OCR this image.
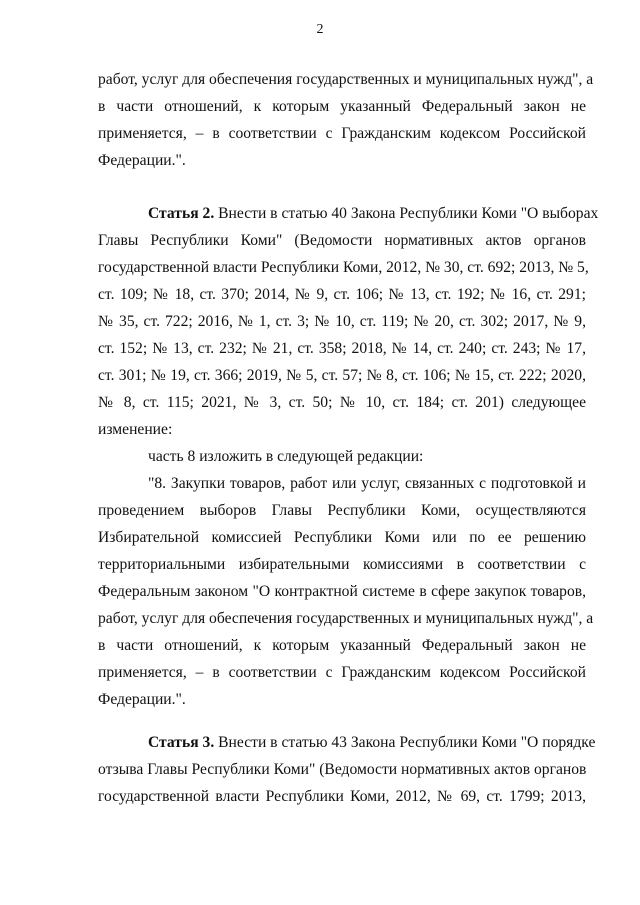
2
работ, услуг для обеспечения государственных и муниципальных нужд", а
в части отношений, к которым указанный Федеральный закон не
применяется, – в соответствии с Гражданским кодексом Российской
Федерации.".
Статья 2. Внести в статью 40 Закона Республики Коми "О выборах
Главы Республики Коми" (Ведомости нормативных актов органов
государственной власти Республики Коми, 2012, № 30, ст. 692; 2013, № 5,
ст. 109; № 18, ст. 370; 2014, № 9, ст. 106; № 13, ст. 192; № 16, ст. 291;
№ 35, ст. 722; 2016, № 1, ст. 3; № 10, ст. 119; № 20, ст. 302; 2017, № 9,
ст. 152; № 13, ст. 232; № 21, ст. 358; 2018, № 14, ст. 240; ст. 243; № 17,
ст. 301; № 19, ст. 366; 2019, № 5, ст. 57; № 8, ст. 106; № 15, ст. 222; 2020,
№ 8, ст. 115; 2021, № 3, ст. 50; № 10, ст. 184; ст. 201) следующее
изменение:
часть 8 изложить в следующей редакции:
"8. Закупки товаров, работ или услуг, связанных с подготовкой и
проведением выборов Главы Республики Коми, осуществляются
Избирательной комиссией Республики Коми или по ее решению
территориальными избирательными комиссиями в соответствии с
Федеральным законом "О контрактной системе в сфере закупок товаров,
работ, услуг для обеспечения государственных и муниципальных нужд", а
в части отношений, к которым указанный Федеральный закон не
применяется, – в соответствии с Гражданским кодексом Российской
Федерации.".
Статья 3. Внести в статью 43 Закона Республики Коми "О порядке
отзыва Главы Республики Коми" (Ведомости нормативных актов органов
государственной власти Республики Коми, 2012, № 69, ст. 1799; 2013,
